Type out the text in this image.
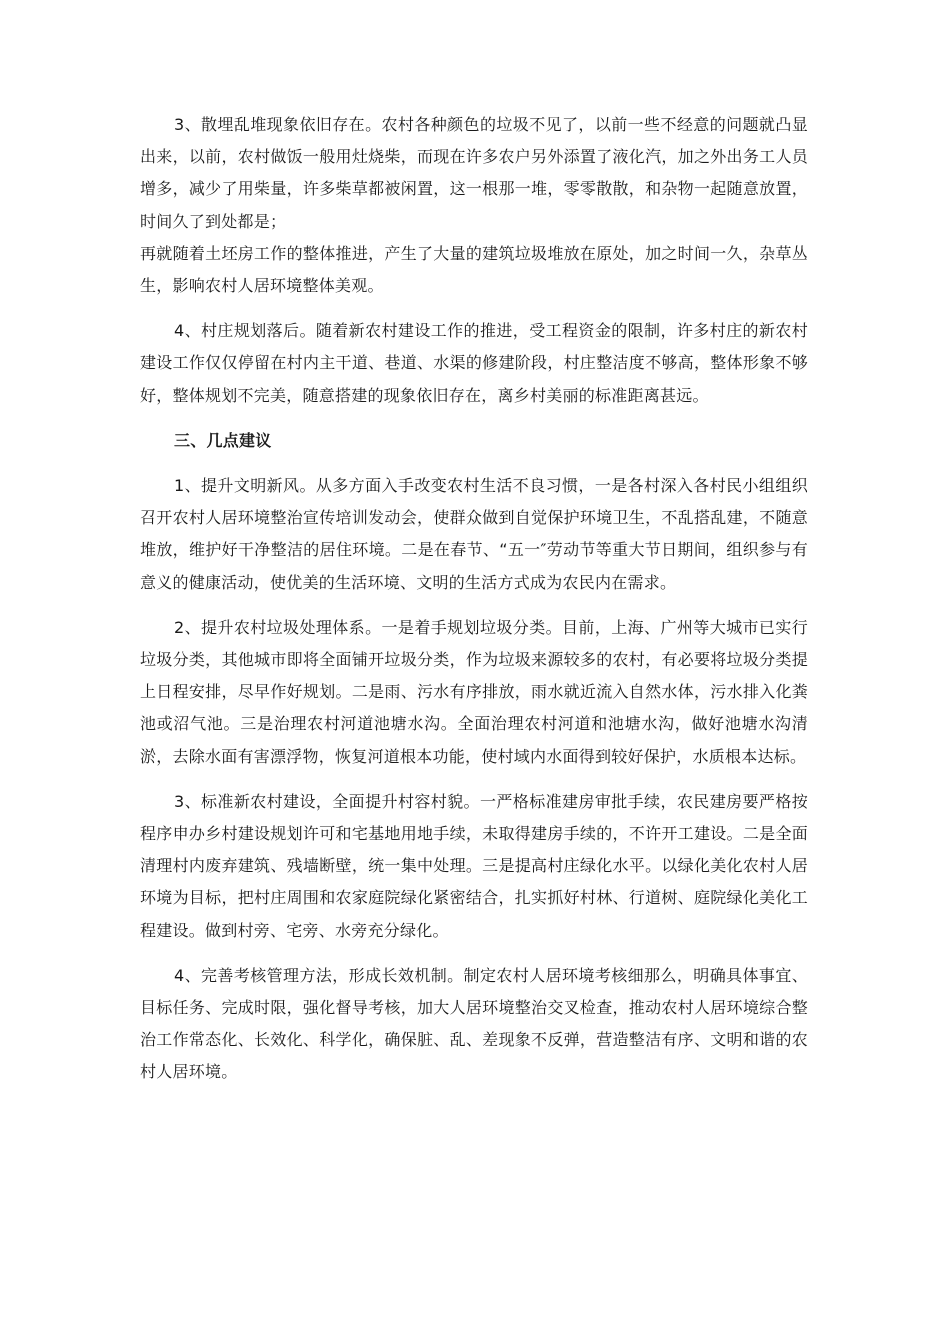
3、散埋乱堆现象依旧存在。农村各种颜色的垃圾不见了，以前一些不经意的问题就凸显出来，以前，农村做饭一般用灶烧柴，而现在许多农户另外添置了液化汽，加之外出务工人员增多，减少了用柴量，许多柴草都被闲置，这一根那一堆，零零散散，和杂物一起随意放置，时间久了到处都是；

再就随着土坯房工作的整体推进，产生了大量的建筑垃圾堆放在原处，加之时间一久，杂草丛生，影响农村人居环境整体美观。

4、村庄规划落后。随着新农村建设工作的推进，受工程资金的限制，许多村庄的新农村建设工作仅仅停留在村内主干道、巷道、水渠的修建阶段，村庄整洁度不够高，整体形象不够好，整体规划不完美，随意搭建的现象依旧存在，离乡村美丽的标准距离甚远。

三、几点建议

1、提升文明新风。从多方面入手改变农村生活不良习惯，一是各村深入各村民小组组织召开农村人居环境整治宣传培训发动会，使群众做到自觉保护环境卫生，不乱搭乱建，不随意堆放，维护好干净整洁的居住环境。二是在春节、“五一″劳动节等重大节日期间，组织参与有意义的健康活动，使优美的生活环境、文明的生活方式成为农民内在需求。

2、提升农村垃圾处理体系。一是着手规划垃圾分类。目前，上海、广州等大城市已实行垃圾分类，其他城市即将全面铺开垃圾分类，作为垃圾来源较多的农村，有必要将垃圾分类提上日程安排，尽早作好规划。二是雨、污水有序排放，雨水就近流入自然水体，污水排入化粪池或沼气池。三是治理农村河道池塘水沟。全面治理农村河道和池塘水沟，做好池塘水沟清淤，去除水面有害漂浮物，恢复河道根本功能，使村域内水面得到较好保护，水质根本达标。

3、标准新农村建设，全面提升村容村貌。一严格标准建房审批手续，农民建房要严格按程序申办乡村建设规划许可和宅基地用地手续，未取得建房手续的，不许开工建设。二是全面清理村内废弃建筑、残墙断壁，统一集中处理。三是提高村庄绿化水平。以绿化美化农村人居环境为目标，把村庄周围和农家庭院绿化紧密结合，扎实抓好村林、行道树、庭院绿化美化工程建设。做到村旁、宅旁、水旁充分绿化。

4、完善考核管理方法，形成长效机制。制定农村人居环境考核细那么，明确具体事宜、目标任务、完成时限，强化督导考核，加大人居环境整治交叉检查，推动农村人居环境综合整治工作常态化、长效化、科学化，确保脏、乱、差现象不反弹，营造整洁有序、文明和谐的农村人居环境。
